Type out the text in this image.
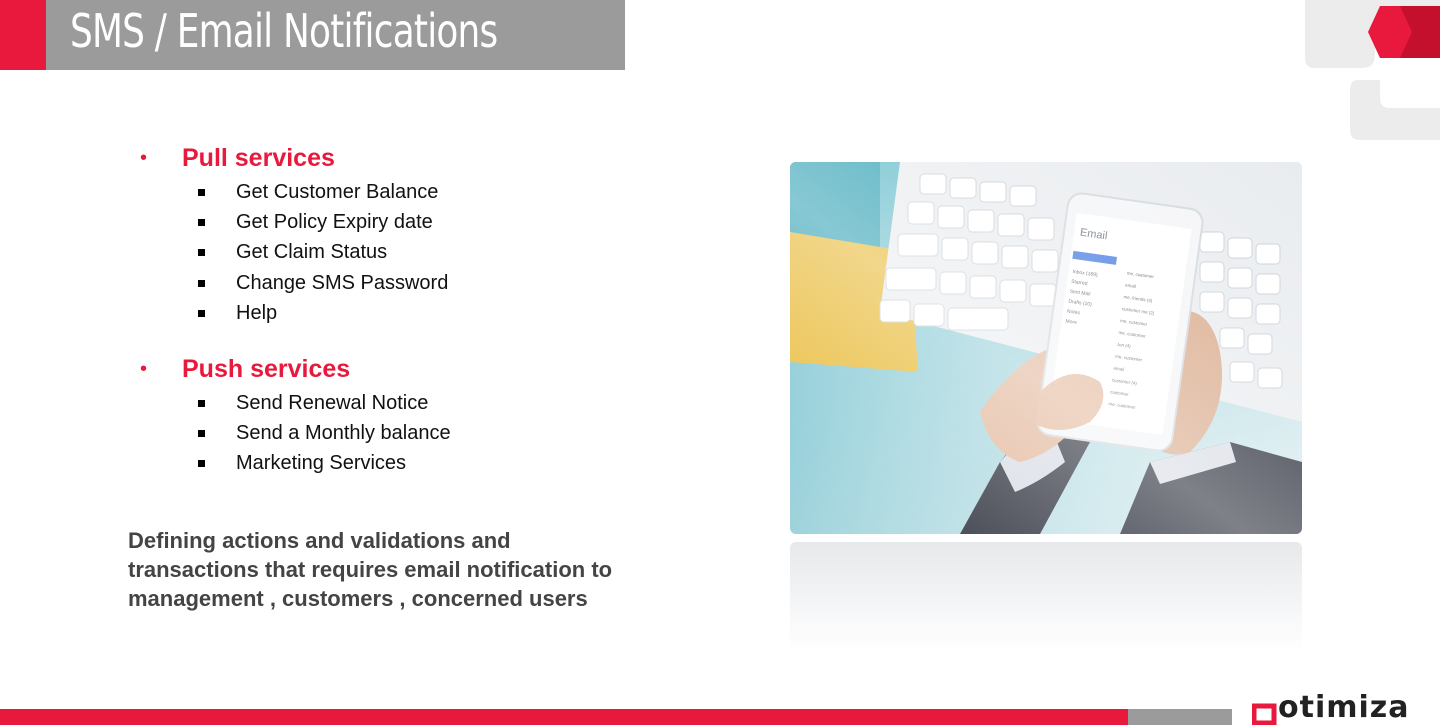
SMS / Email Notifications
• Pull services
Get Customer Balance
Get Policy Expiry date
Get Claim Status
Change SMS Password
Help
• Push services
Send Renewal Notice
Send a Monthly balance
Marketing Services
Defining actions and validations and
transactions that requires email notification to
management , customers , concerned users
otimiza
